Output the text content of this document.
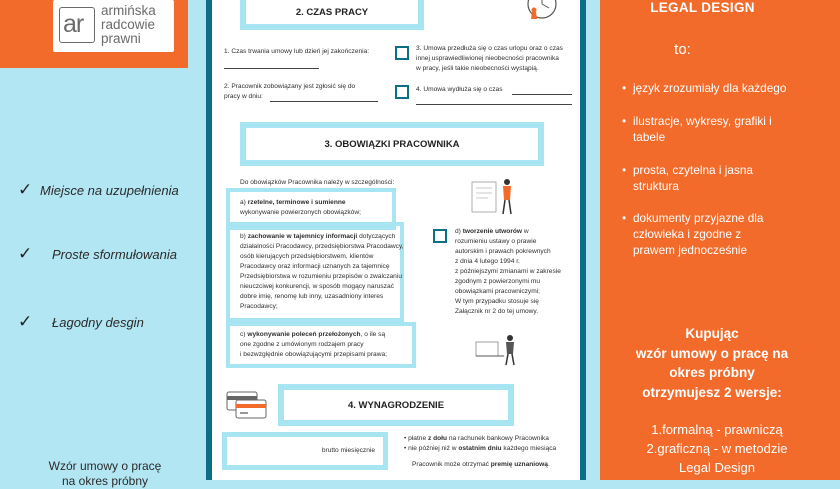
ar armińska
radcowie
prawni
✓ Miejsce na uzupełnienia
✓	Proste sformułowania
✓	Łagodny desgin
Wzór umowy o pracę
na okres próbny
2. CZAS PRACY
1. Czas trwania umowy lub dzień jej zakończenia:
2. Pracownik zobowiązany jest zgłosić się do
pracy w dniu:
3. Umowa przedłuża się o czas urlopu oraz o czas
innej usprawiedliwionej nieobecności pracownika
w pracy, jeśli takie nieobecności wystąpią.
4. Umowa wydłuża się o czas
3. OBOWIĄZKI PRACOWNIKA
Do obowiązków Pracownika należy w szczególności:
a) rzetelne, terminowe i sumienne
wykonywanie powierzonych obowiązków;
b) zachowanie w tajemnicy informacji dotyczących
działalności Pracodawcy, przedsiębiorstwa Pracodawcy,
osób kierujących przedsiębiorstwem, klientów
Pracodawcy oraz informacji uznanych za tajemnicę
Przedsiębiorstwa w rozumieniu przepisów o zwalczaniu
nieuczciwej konkurencji, w sposób mogący naruszać
dobre imię, renomę lub inny, uzasadniony interes
Pracodawcy;
c) wykonywanie poleceń przełożonych, o ile są
one zgodne z umówionym rodzajem pracy
i bezwzględnie obowiązującymi przepisami prawa;
d) tworzenie utworów w
rozumieniu ustawy o prawie
autorskim i prawach pokrewnych
z dnia 4 lutego 1994 r.
z późniejszymi zmianami w zakresie
zgodnym z powierzonymi mu
obowiązkami pracowniczymi;
W tym przypadku stosuje się
Załącznik nr 2 do tej umowy.
4. WYNAGRODZENIE
brutto miesięcznie
• płatne z dołu na rachunek bankowy Pracownika
• nie później niż w ostatnim dniu każdego miesiąca
Pracownik może otrzymać premię uznaniową.
LEGAL DESIGN
to:
• język zrozumiały dla każdego
• ilustracje, wykresy, grafiki i
tabele
• prosta, czytelna i jasna
struktura
• dokumenty przyjazne dla
człowieka i zgodne z
prawem jednocześnie
Kupując
wzór umowy o pracę na
okres próbny
otrzymujesz 2 wersje:
1.formalną - prawniczą
2.graficzną - w metodzie
Legal Design
